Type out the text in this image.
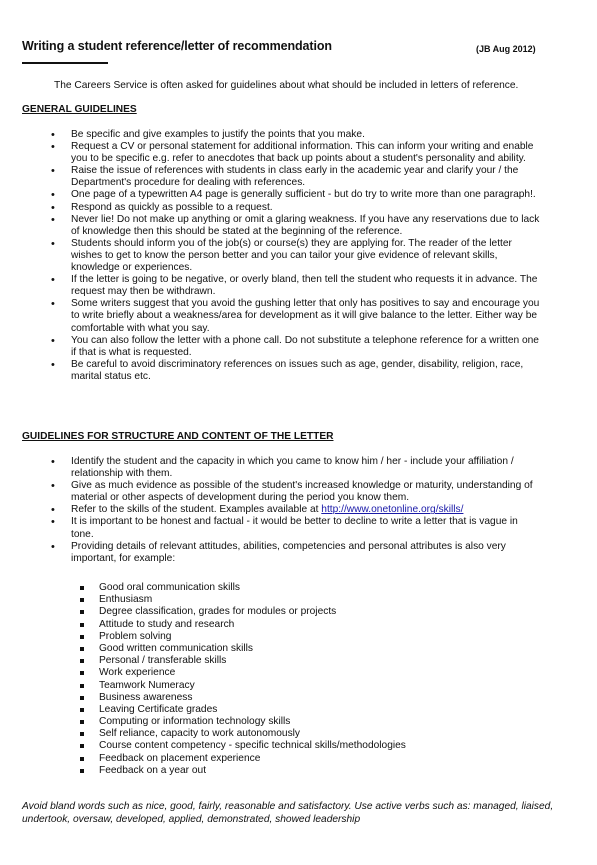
Writing a student reference/letter of recommendation	(JB Aug 2012)
The Careers Service is often asked for guidelines about what should be included in letters of reference.
GENERAL GUIDELINES
• Be specific and give examples to justify the points that you make.
• Request a CV or personal statement for additional information. This can inform your writing and enable you to be specific e.g. refer to anecdotes that back up points about a student's personality and ability.
• Raise the issue of references with students in class early in the academic year and clarify your / the Department's procedure for dealing with references.
• One page of a typewritten A4 page is generally sufficient - but do try to write more than one paragraph!.
• Respond as quickly as possible to a request.
• Never lie! Do not make up anything or omit a glaring weakness. If you have any reservations due to lack of knowledge then this should be stated at the beginning of the reference.
• Students should inform you of the job(s) or course(s) they are applying for. The reader of the letter wishes to get to know the person better and you can tailor your give evidence of relevant skills, knowledge or experiences.
• If the letter is going to be negative, or overly bland, then tell the student who requests it in advance. The request may then be withdrawn.
• Some writers suggest that you avoid the gushing letter that only has positives to say and encourage you to write briefly about a weakness/area for development as it will give balance to the letter. Either way be comfortable with what you say.
• You can also follow the letter with a phone call. Do not substitute a telephone reference for a written one if that is what is requested.
• Be careful to avoid discriminatory references on issues such as age, gender, disability, religion, race, marital status etc.
GUIDELINES FOR STRUCTURE AND CONTENT OF THE LETTER
• Identify the student and the capacity in which you came to know him / her - include your affiliation / relationship with them.
• Give as much evidence as possible of the student's increased knowledge or maturity, understanding of material or other aspects of development during the period you know them.
• Refer to the skills of the student. Examples available at http://www.onetonline.org/skills/
• It is important to be honest and factual - it would be better to decline to write a letter that is vague in tone.
• Providing details of relevant attitudes, abilities, competencies and personal attributes is also very important, for example:
Good oral communication skills
Enthusiasm
Degree classification, grades for modules or projects
Attitude to study and research
Problem solving
Good written communication skills
Personal / transferable skills
Work experience
Teamwork Numeracy
Business awareness
Leaving Certificate grades
Computing or information technology skills
Self reliance, capacity to work autonomously
Course content competency - specific technical skills/methodologies
Feedback on placement experience
Feedback on a year out
Avoid bland words such as nice, good, fairly, reasonable and satisfactory. Use active verbs such as: managed, liaised, undertook, oversaw, developed, applied, demonstrated, showed leadership
